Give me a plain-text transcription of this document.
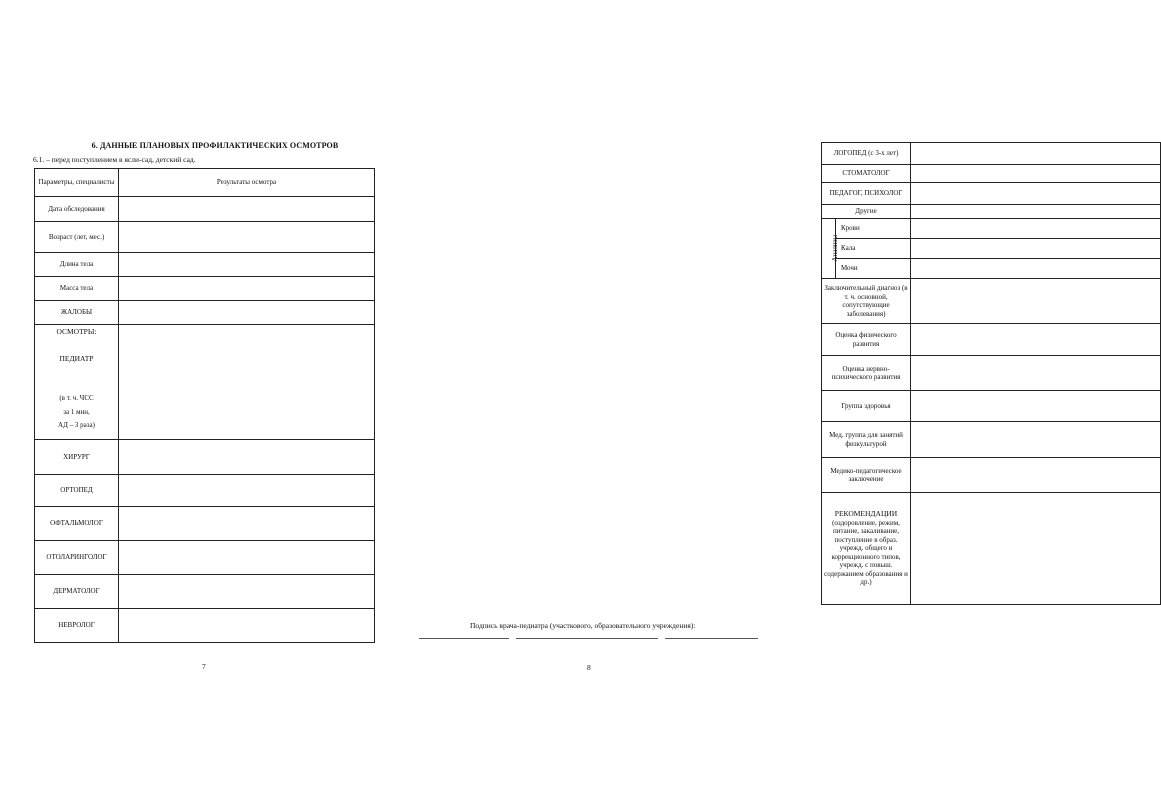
6. ДАННЫЕ ПЛАНОВЫХ ПРОФИЛАКТИЧЕСКИХ ОСМОТРОВ
6.1. – перед поступлением в ясли-сад, детский сад.
Параметры, специалисты	Результаты осмотра
Дата обследования	
Возраст (лет, мес.)	
Длина тела	
Масса тела	
ЖАЛОБЫ	

ОСМОТРЫ:
ПЕДИАТР
(в т. ч. ЧСС
за 1 мин,
АД – 3 раза)	

ХИРУРГ	
ОРТОПЕД	
ОФТАЛЬМОЛОГ	
ОТОЛАРИНГОЛОГ	
ДЕРМАТОЛОГ	
НЕВРОЛОГ	
7
ЛОГОПЕД (с 3-х лет)		
СТОМАТОЛОГ		
ПЕДАГОГ, ПСИХОЛОГ		
Другие		
Анализы	Крови	
	Кала	
	Мочи	
Заключительный диагноз (в т. ч. основной, сопутствующие заболевания)		
Оценка физического развития		
Оценка нервно-психического развития		
Группа здоровья		
Мед. группа для занятий физкультурой		
Медико-педагогическое заключение		

РЕКОМЕНДАЦИИ
(оздоровление, режим, питание, закаливание, поступление в образ. учрежд. общего и коррекционного типов, учрежд. с повыш. содержанием образования и др.)		

Подпись врача-педиатра (участкового, образовательного учреждения):
8
